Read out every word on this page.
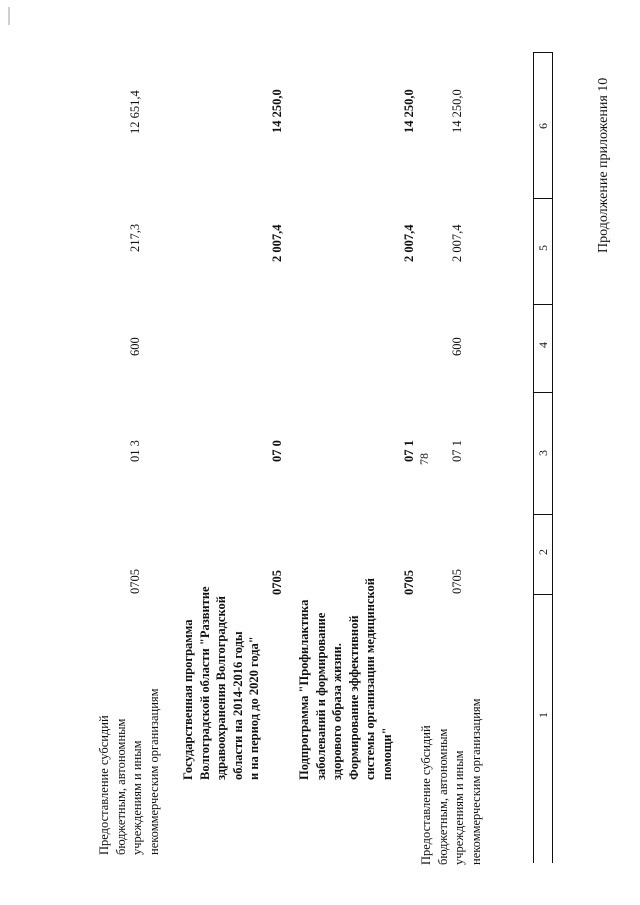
78
Продолжение приложения 10
1
2
3
4
5
6
Предоставление субсидий бюджетным, автономным учреждениям и иным некоммерческим организациям
0705
01 3
600
217,3
12 651,4
Государственная программа Волгоградской области "Развитие здравоохранения Волгоградской области на 2014-2016 годы и на период до 2020 года"
0705
07 0
2 007,4
14 250,0
Подпрограмма "Профилактика заболеваний и формирование здорового образа жизни. Формирование эффективной системы организации медицинской помощи"
0705
07 1
2 007,4
14 250,0
Предоставление субсидий бюджетным, автономным учреждениям и иным некоммерческим организациям
0705
07 1
600
2 007,4
14 250,0
